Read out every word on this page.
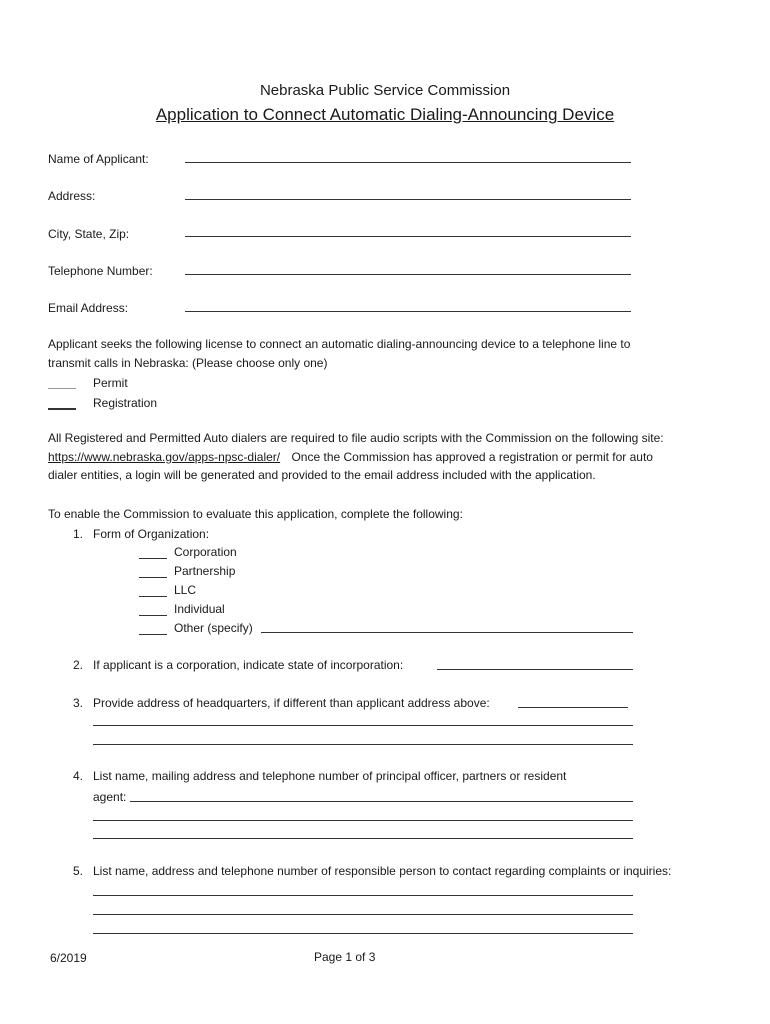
Nebraska Public Service Commission
Application to Connect Automatic Dialing-Announcing Device
Name of Applicant:
Address:
City, State, Zip:
Telephone Number:
Email Address:
Applicant seeks the following license to connect an automatic dialing-announcing device to a telephone line to
transmit calls in Nebraska: (Please choose only one)
Permit
Registration
All Registered and Permitted Auto dialers are required to file audio scripts with the Commission on the following site:
https://www.nebraska.gov/apps-npsc-dialer/ Once the Commission has approved a registration or permit for auto
dialer entities, a login will be generated and provided to the email address included with the application.
To enable the Commission to evaluate this application, complete the following:
1. Form of Organization:
Corporation
Partnership
LLC
Individual
Other (specify)
2. If applicant is a corporation, indicate state of incorporation:
3. Provide address of headquarters, if different than applicant address above:
4. List name, mailing address and telephone number of principal officer, partners or resident
agent:
5. List name, address and telephone number of responsible person to contact regarding complaints or inquiries:
6/2019	Page 1 of 3
